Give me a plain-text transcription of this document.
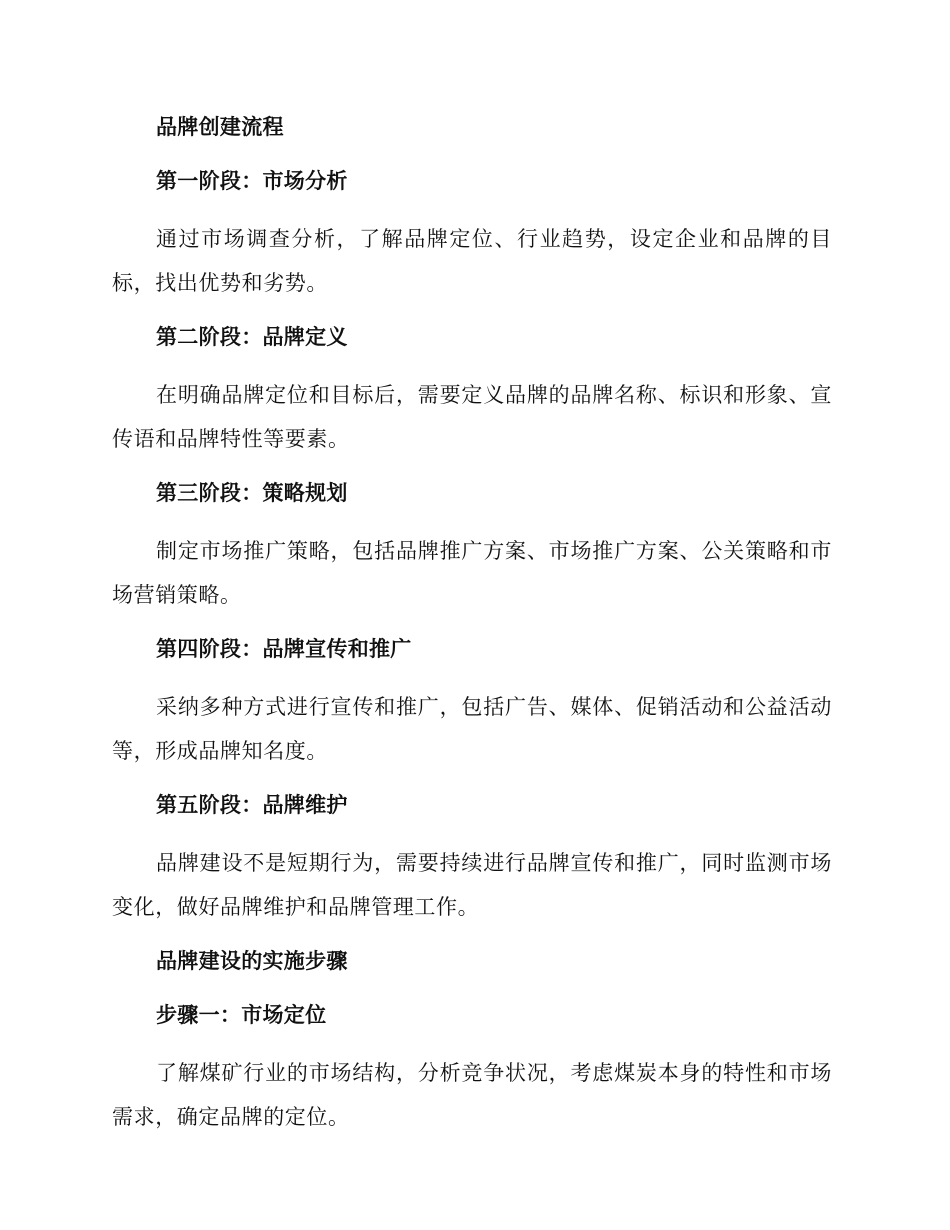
品牌创建流程
第一阶段：市场分析

通过市场调查分析，了解品牌定位、行业趋势，设定企业和品牌的目标，找出优势和劣势。

第二阶段：品牌定义

在明确品牌定位和目标后，需要定义品牌的品牌名称、标识和形象、宣传语和品牌特性等要素。

第三阶段：策略规划

制定市场推广策略，包括品牌推广方案、市场推广方案、公关策略和市场营销策略。

第四阶段：品牌宣传和推广

采纳多种方式进行宣传和推广，包括广告、媒体、促销活动和公益活动等，形成品牌知名度。

第五阶段：品牌维护

品牌建设不是短期行为，需要持续进行品牌宣传和推广，同时监测市场变化，做好品牌维护和品牌管理工作。

品牌建设的实施步骤
步骤一：市场定位

了解煤矿行业的市场结构，分析竞争状况，考虑煤炭本身的特性和市场需求，确定品牌的定位。
